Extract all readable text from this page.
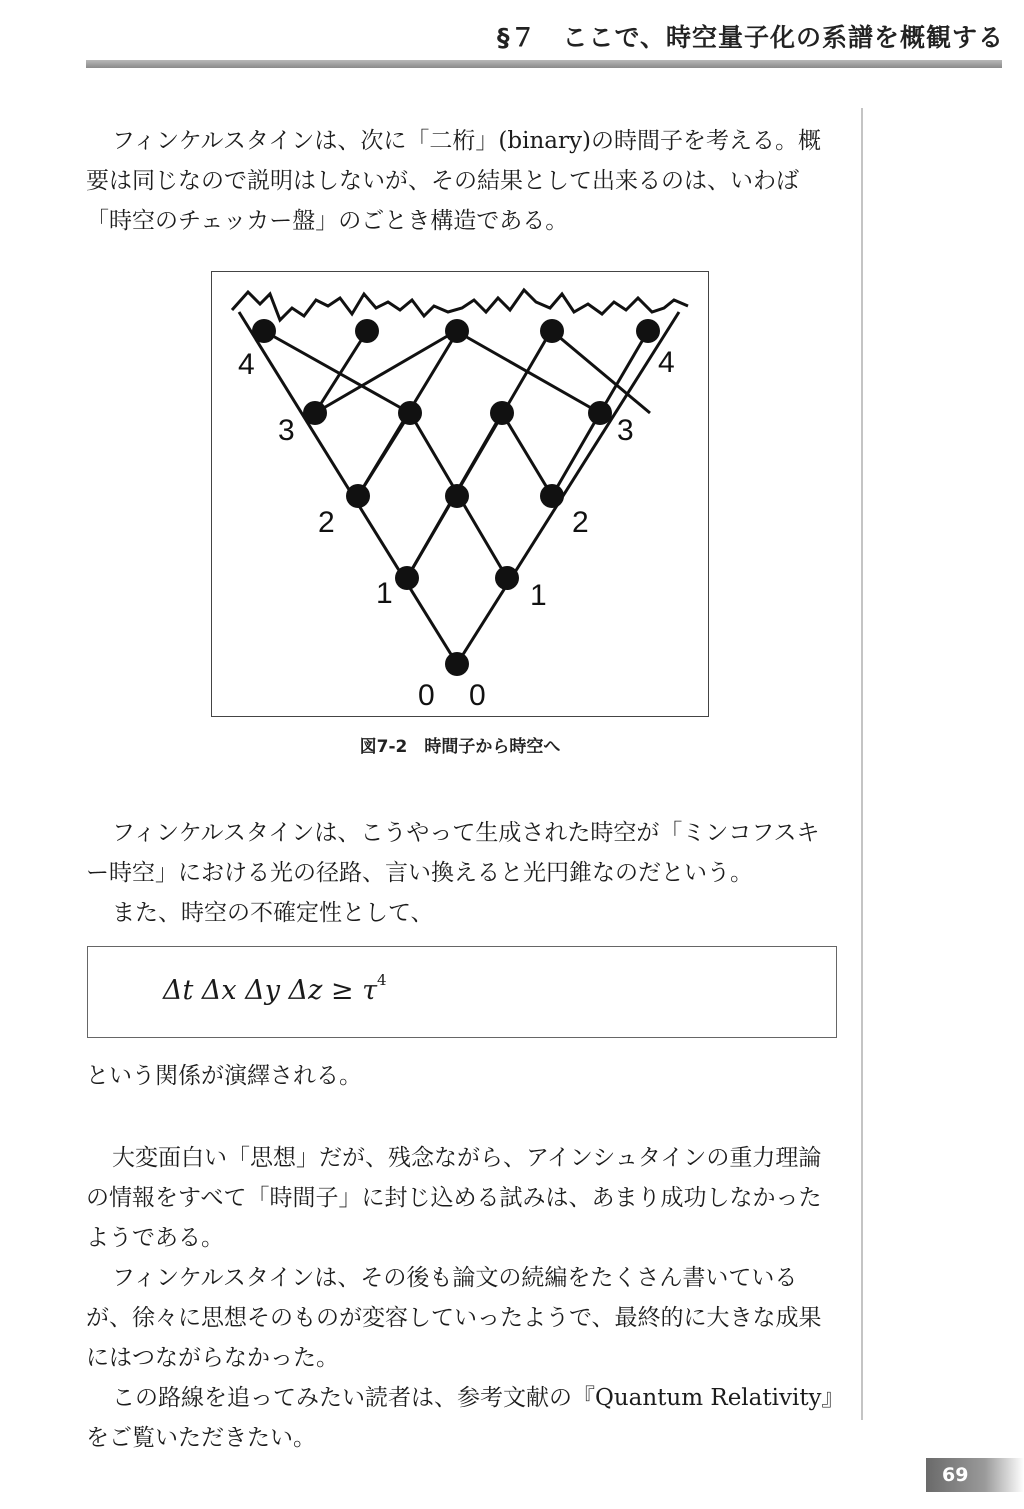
§７　ここで、時空量子化の系譜を概観する

フィンケルスタインは、次に「二桁」(binary)の時間子を考える。概要は同じなので説明はしないが、その結果として出来るのは、いわば「時空のチェッカー盤」のごとき構造である。

4	4
3	3
2	2
1	1
0 0
図7-2　時間子から時空へ

フィンケルスタインは、こうやって生成された時空が「ミンコフスキー時空」における光の径路、言い換えると光円錐なのだという。

また、時空の不確定性として、

Δt Δx Δy $\Delta z \ge \tau^4$

という関係が演繹される。

大変面白い「思想」だが、残念ながら、アインシュタインの重力理論の情報をすべて「時間子」に封じ込める試みは、あまり成功しなかったようである。

フィンケルスタインは、その後も論文の続編をたくさん書いているが、徐々に思想そのものが変容していったようで、最終的に大きな成果にはつながらなかった。

この路線を追ってみたい読者は、参考文献の『Quantum Relativity』をご覧いただきたい。

69
